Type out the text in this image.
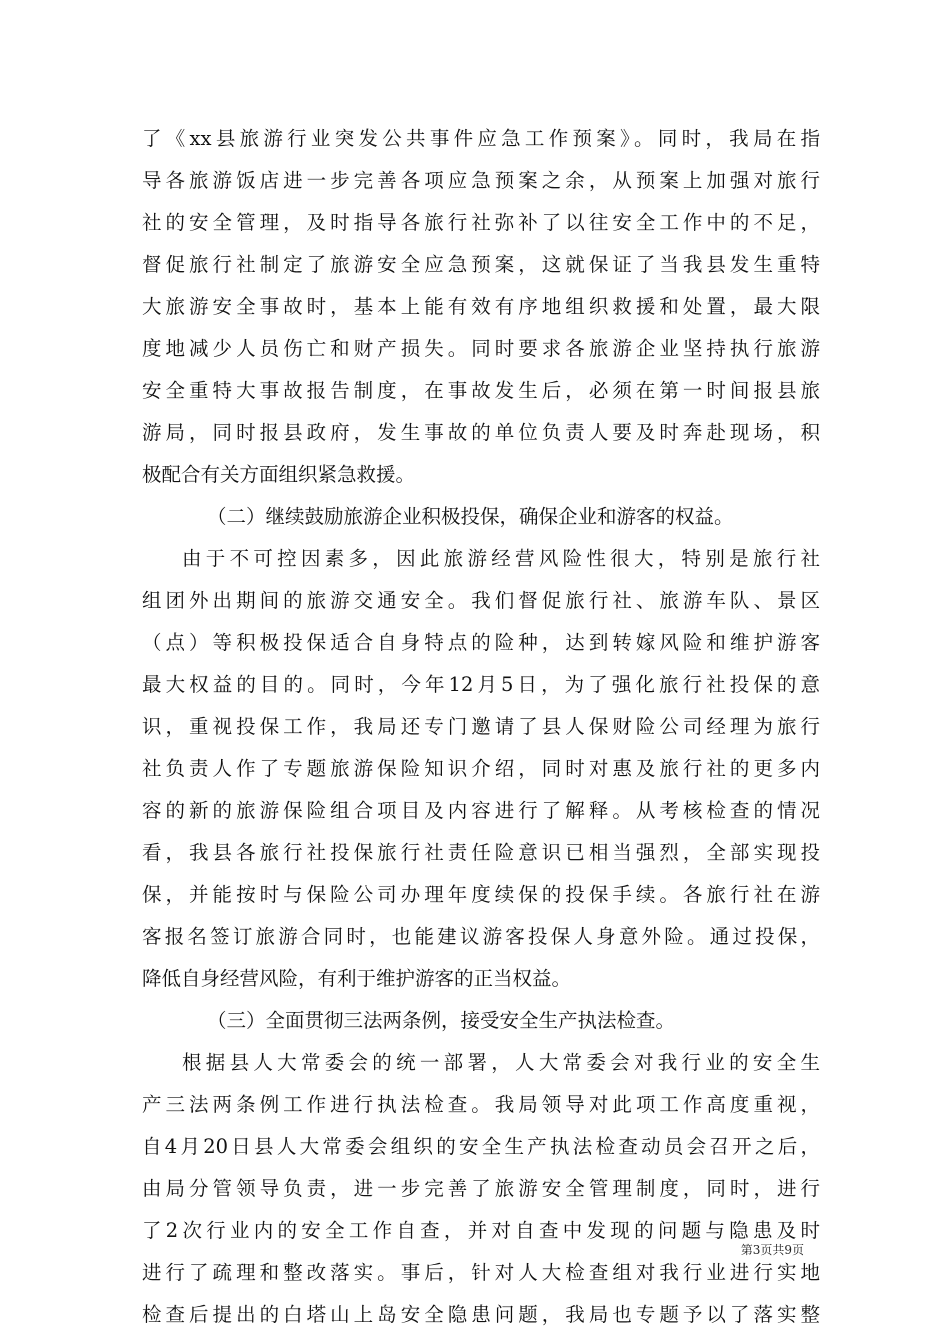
了《xx县旅游行业突发公共事件应急工作预案》。同时，我局在指
导各旅游饭店进一步完善各项应急预案之余，从预案上加强对旅行
社的安全管理，及时指导各旅行社弥补了以往安全工作中的不足，
督促旅行社制定了旅游安全应急预案，这就保证了当我县发生重特
大旅游安全事故时，基本上能有效有序地组织救援和处置，最大限
度地减少人员伤亡和财产损失。同时要求各旅游企业坚持执行旅游
安全重特大事故报告制度，在事故发生后，必须在第一时间报县旅
游局，同时报县政府，发生事故的单位负责人要及时奔赴现场，积
极配合有关方面组织紧急救援。
（二）继续鼓励旅游企业积极投保，确保企业和游客的权益。
由于不可控因素多，因此旅游经营风险性很大，特别是旅行社
组团外出期间的旅游交通安全。我们督促旅行社、旅游车队、景区
（点）等积极投保适合自身特点的险种，达到转嫁风险和维护游客
最大权益的目的。同时，今年12月5日，为了强化旅行社投保的意
识，重视投保工作，我局还专门邀请了县人保财险公司经理为旅行
社负责人作了专题旅游保险知识介绍，同时对惠及旅行社的更多内
容的新的旅游保险组合项目及内容进行了解释。从考核检查的情况
看，我县各旅行社投保旅行社责任险意识已相当强烈，全部实现投
保，并能按时与保险公司办理年度续保的投保手续。各旅行社在游
客报名签订旅游合同时，也能建议游客投保人身意外险。通过投保，
降低自身经营风险，有利于维护游客的正当权益。
（三）全面贯彻三法两条例，接受安全生产执法检查。
根据县人大常委会的统一部署，人大常委会对我行业的安全生
产三法两条例工作进行执法检查。我局领导对此项工作高度重视，
自4月20日县人大常委会组织的安全生产执法检查动员会召开之后，
由局分管领导负责，进一步完善了旅游安全管理制度，同时，进行
了2次行业内的安全工作自查，并对自查中发现的问题与隐患及时
进行了疏理和整改落实。事后，针对人大检查组对我行业进行实地
检查后提出的白塔山上岛安全隐患问题，我局也专题予以了落实整
第3页共9页
